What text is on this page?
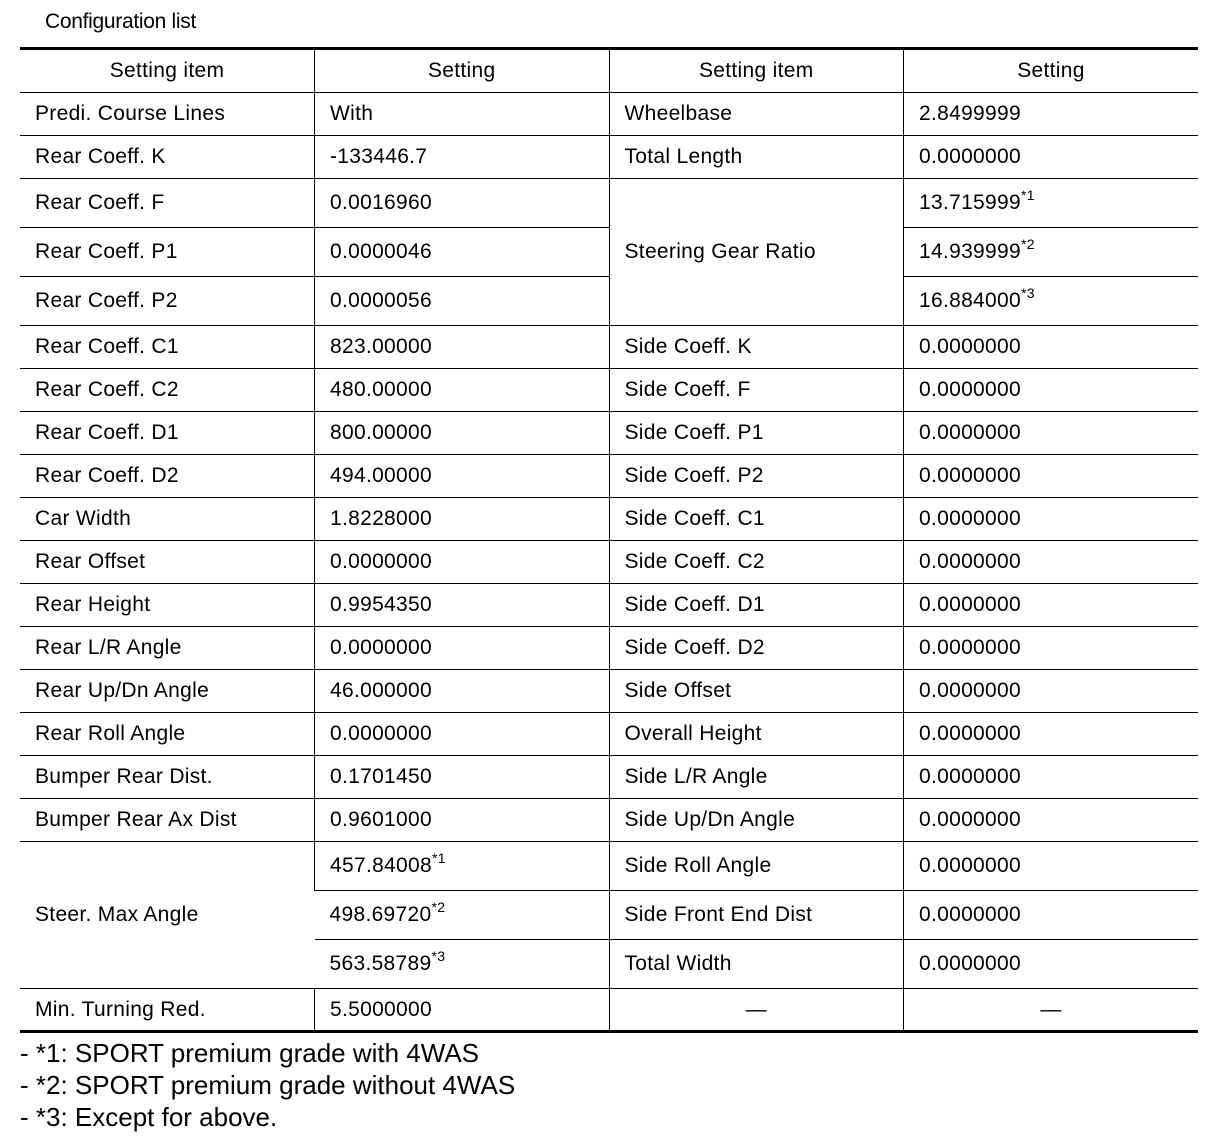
Configuration list
Setting item	Setting	Setting item	Setting
Predi. Course Lines	With	Wheelbase	2.8499999
Rear Coeff. K	-133446.7	Total Length	0.0000000
Rear Coeff. F	0.0016960	Steering Gear Ratio	13.715999$^{*1}$
Rear Coeff. P1	0.0000046		14.939999$^{*2}$
Rear Coeff. P2	0.0000056		16.884000$^{*3}$
Rear Coeff. C1	823.00000	Side Coeff. K	0.0000000
Rear Coeff. C2	480.00000	Side Coeff. F	0.0000000
Rear Coeff. D1	800.00000	Side Coeff. P1	0.0000000
Rear Coeff. D2	494.00000	Side Coeff. P2	0.0000000
Car Width	1.8228000	Side Coeff. C1	0.0000000
Rear Offset	0.0000000	Side Coeff. C2	0.0000000
Rear Height	0.9954350	Side Coeff. D1	0.0000000
Rear L/R Angle	0.0000000	Side Coeff. D2	0.0000000
Rear Up/Dn Angle	46.000000	Side Offset	0.0000000
Rear Roll Angle	0.0000000	Overall Height	0.0000000
Bumper Rear Dist.	0.1701450	Side L/R Angle	0.0000000
Bumper Rear Ax Dist	0.9601000	Side Up/Dn Angle	0.0000000
Steer. Max Angle	457.84008$^{*1}$	Side Roll Angle	0.0000000
	498.69720$^{*2}$	Side Front End Dist	0.0000000
	563.58789$^{*3}$	Total Width	0.0000000
Min. Turning Red.	5.5000000	—	—
- *1: SPORT premium grade with 4WAS
- *2: SPORT premium grade without 4WAS
- *3: Except for above.
